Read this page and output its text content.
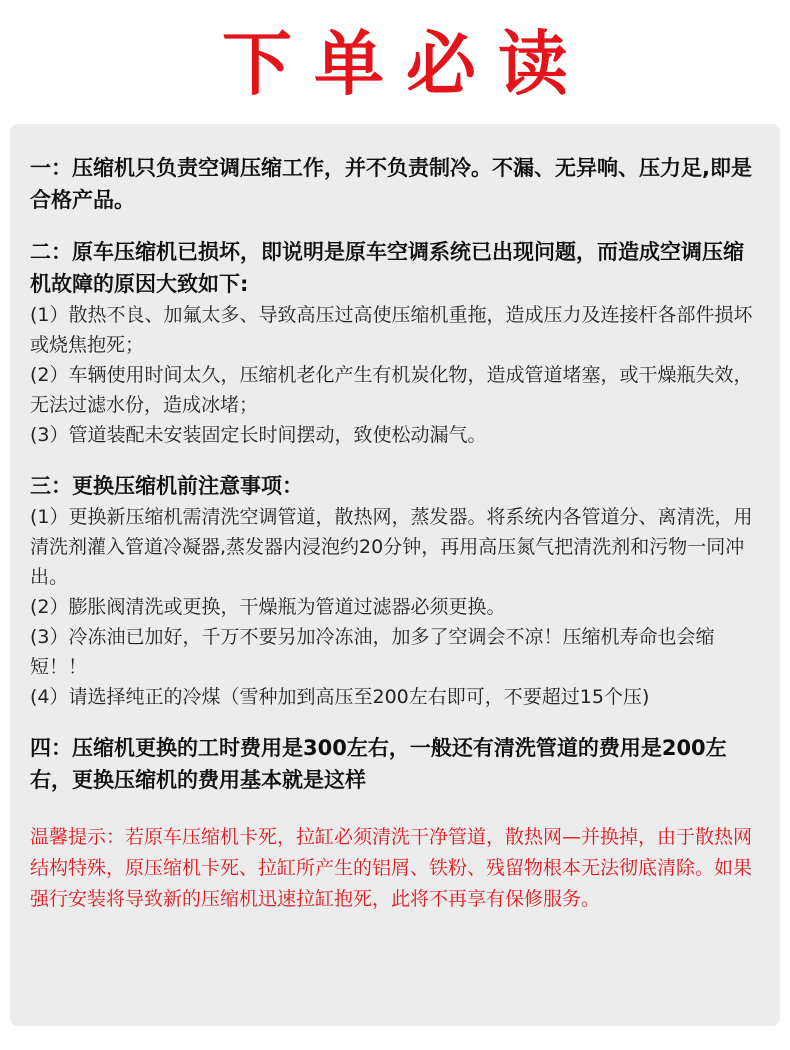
下单必读
一：压缩机只负责空调压缩工作，并不负责制冷。不漏、无异响、压力足,即是合格产品。
二：原车压缩机已损坏，即说明是原车空调系统已出现问题，而造成空调压缩机故障的原因大致如下:
(1）散热不良、加氟太多、导致高压过高使压缩机重拖，造成压力及连接杆各部件损坏或烧焦抱死；
(2）车辆使用时间太久，压缩机老化产生有机炭化物，造成管道堵塞，或干燥瓶失效，无法过滤水份，造成冰堵；
(3）管道装配未安装固定长时间摆动，致使松动漏气。
三：更换压缩机前注意事项：
(1）更换新压缩机需清洗空调管道，散热网，蒸发器。将系统内各管道分、离清洗，用清洗剂灌入管道冷凝器,蒸发器内浸泡约20分钟，再用高压氮气把清洗剂和污物一同冲出。
(2）膨胀阀清洗或更换，干燥瓶为管道过滤器必须更换。
(3）冷冻油已加好，千万不要另加冷冻油，加多了空调会不凉！压缩机寿命也会缩短！！
(4）请选择纯正的冷煤（雪种加到高压至200左右即可，不要超过15个压)
四：压缩机更换的工时费用是300左右，一般还有清洗管道的费用是200左右，更换压缩机的费用基本就是这样
温馨提示：若原车压缩机卡死，拉缸必须清洗干净管道，散热网—并换掉，由于散热网结构特殊，原压缩机卡死、拉缸所产生的铝屑、铁粉、残留物根本无法彻底清除。如果强行安装将导致新的压缩机迅速拉缸抱死，此将不再享有保修服务。
